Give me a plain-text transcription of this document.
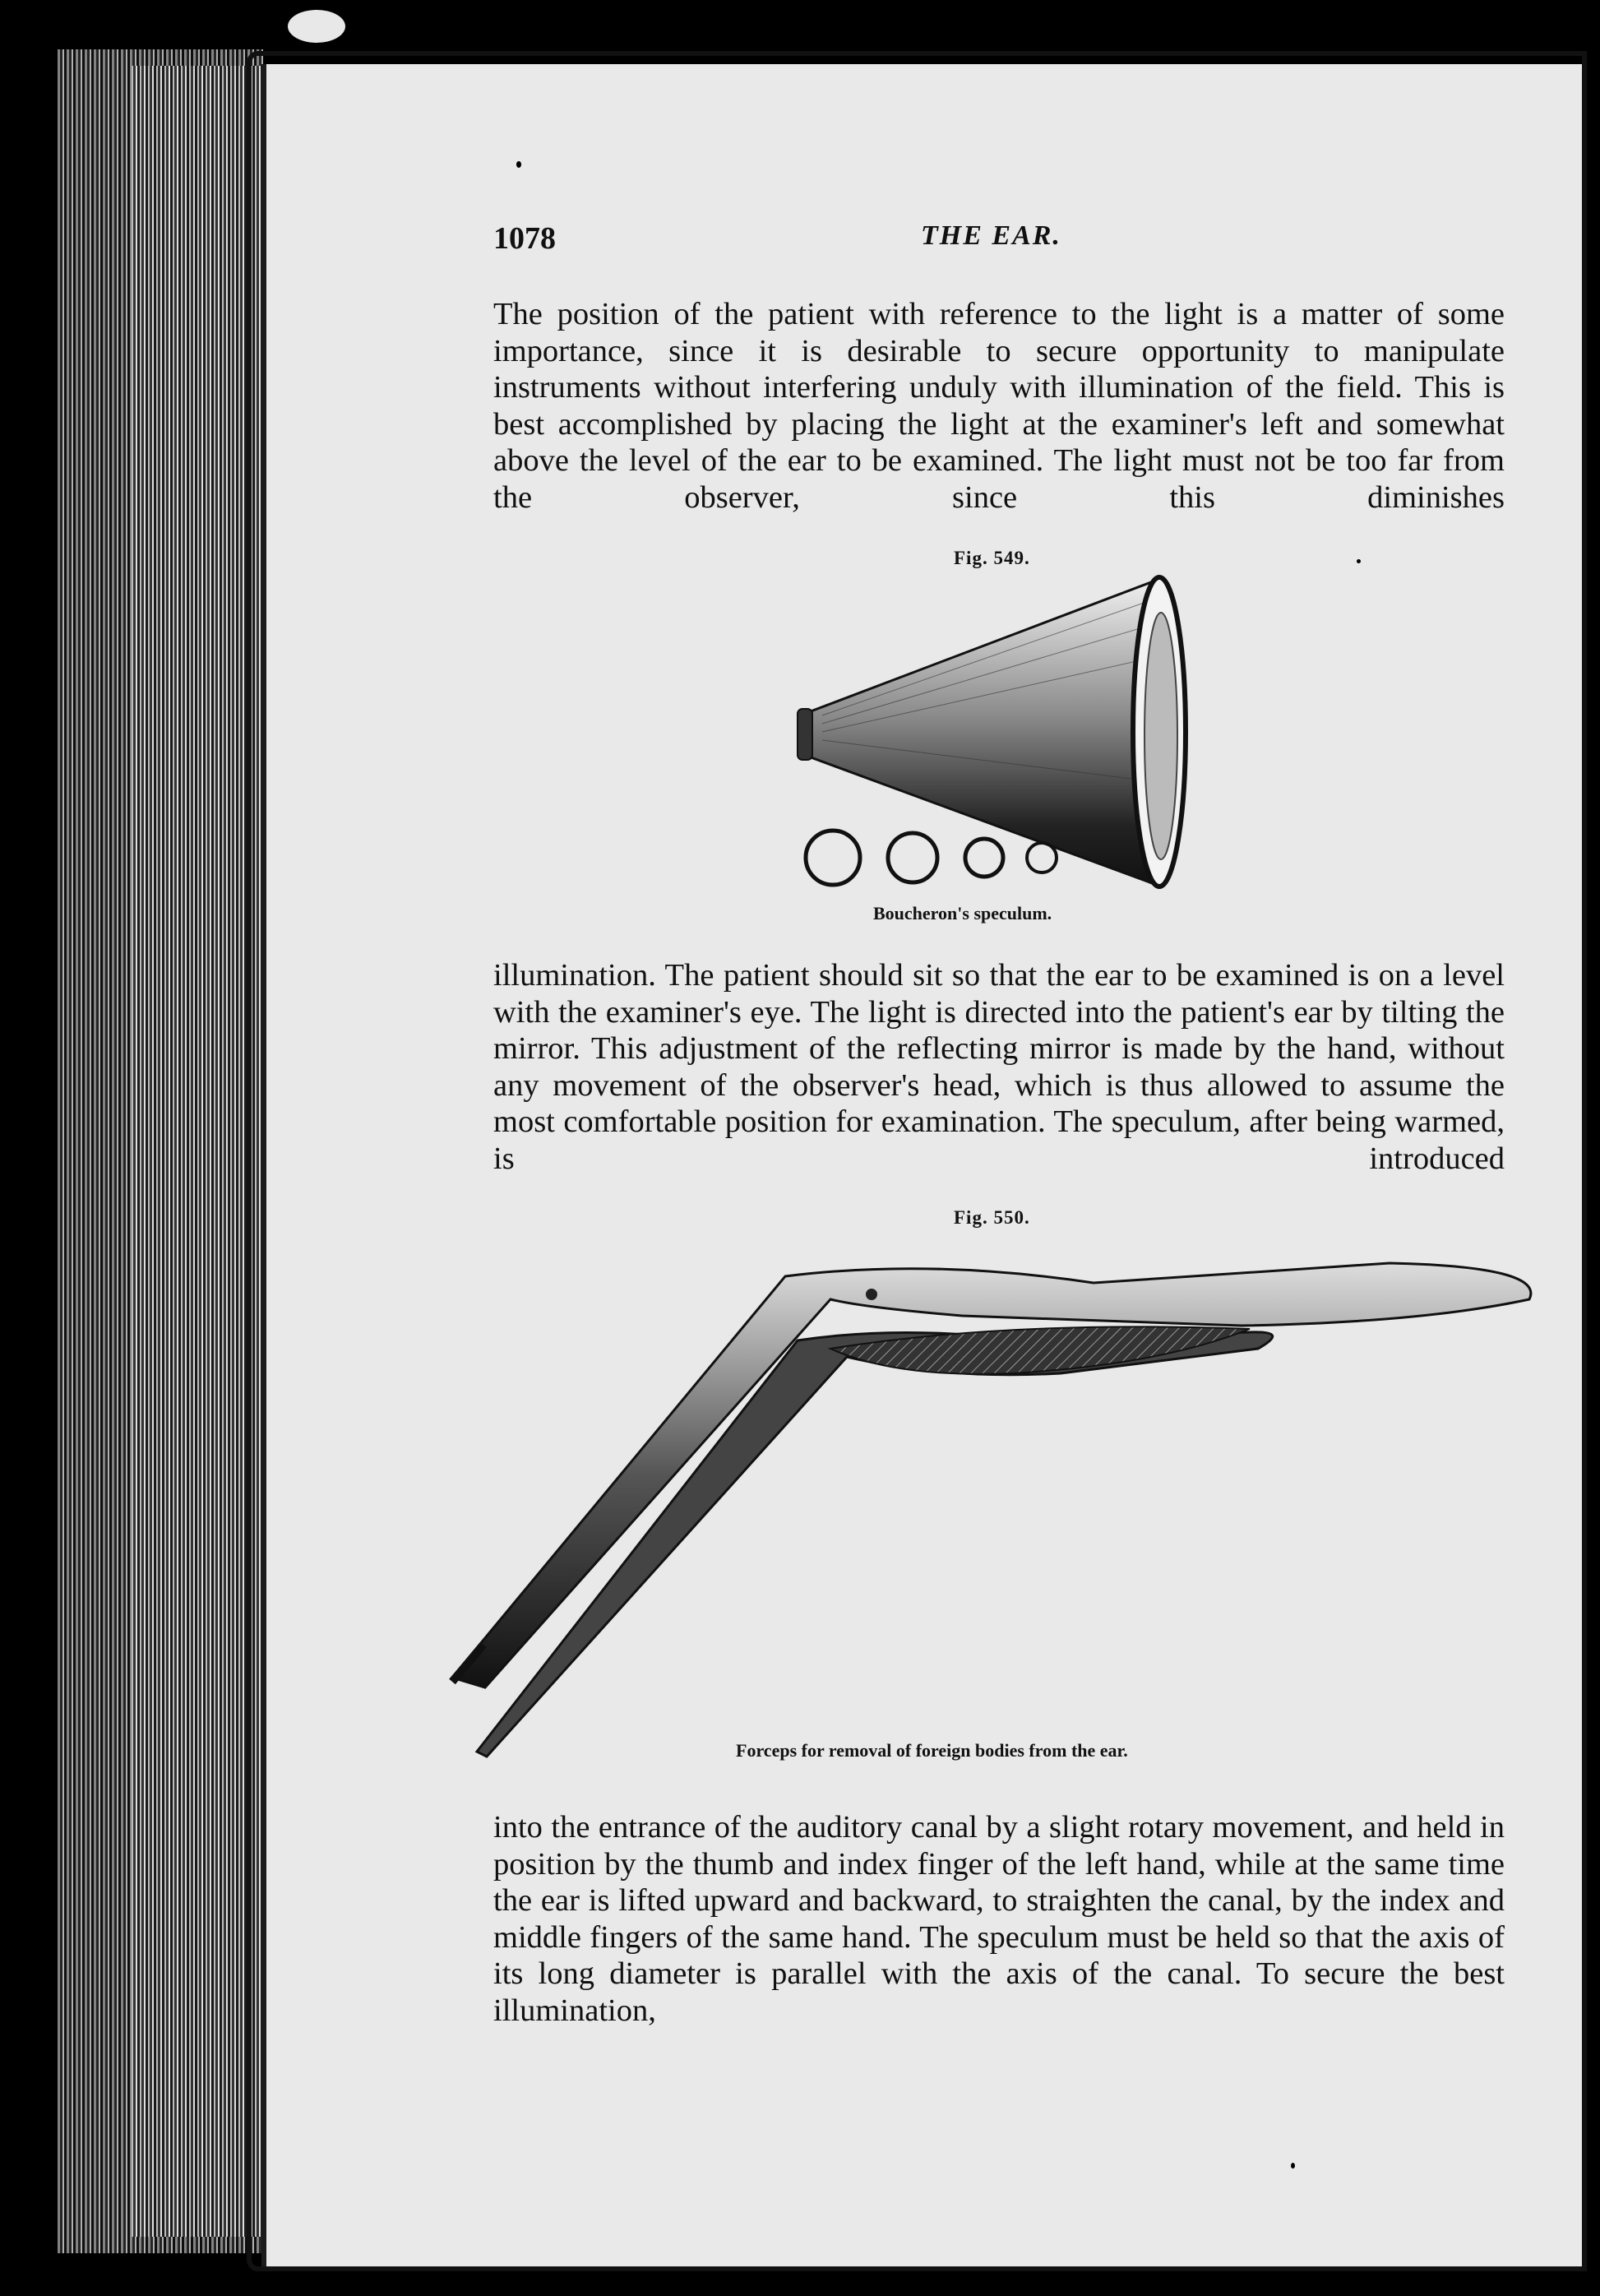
1078	THE EAR.

The position of the patient with reference to the light is a matter of some importance, since it is desirable to secure opportunity to manipulate instruments without interfering unduly with illumination of the field. This is best accomplished by placing the light at the examiner's left and somewhat above the level of the ear to be examined. The light must not be too far from the observer, since this diminishes

Fig. 549.
Boucheron's speculum.

illumination. The patient should sit so that the ear to be examined is on a level with the examiner's eye. The light is directed into the patient's ear by tilting the mirror. This adjustment of the reflecting mirror is made by the hand, without any movement of the observer's head, which is thus allowed to assume the most comfortable position for examination. The speculum, after being warmed, is introduced

Fig. 550.
Forceps for removal of foreign bodies from the ear.

into the entrance of the auditory canal by a slight rotary movement, and held in position by the thumb and index finger of the left hand, while at the same time the ear is lifted upward and backward, to straighten the canal, by the index and middle fingers of the same hand. The speculum must be held so that the axis of its long diameter is parallel with the axis of the canal. To secure the best illumination,
